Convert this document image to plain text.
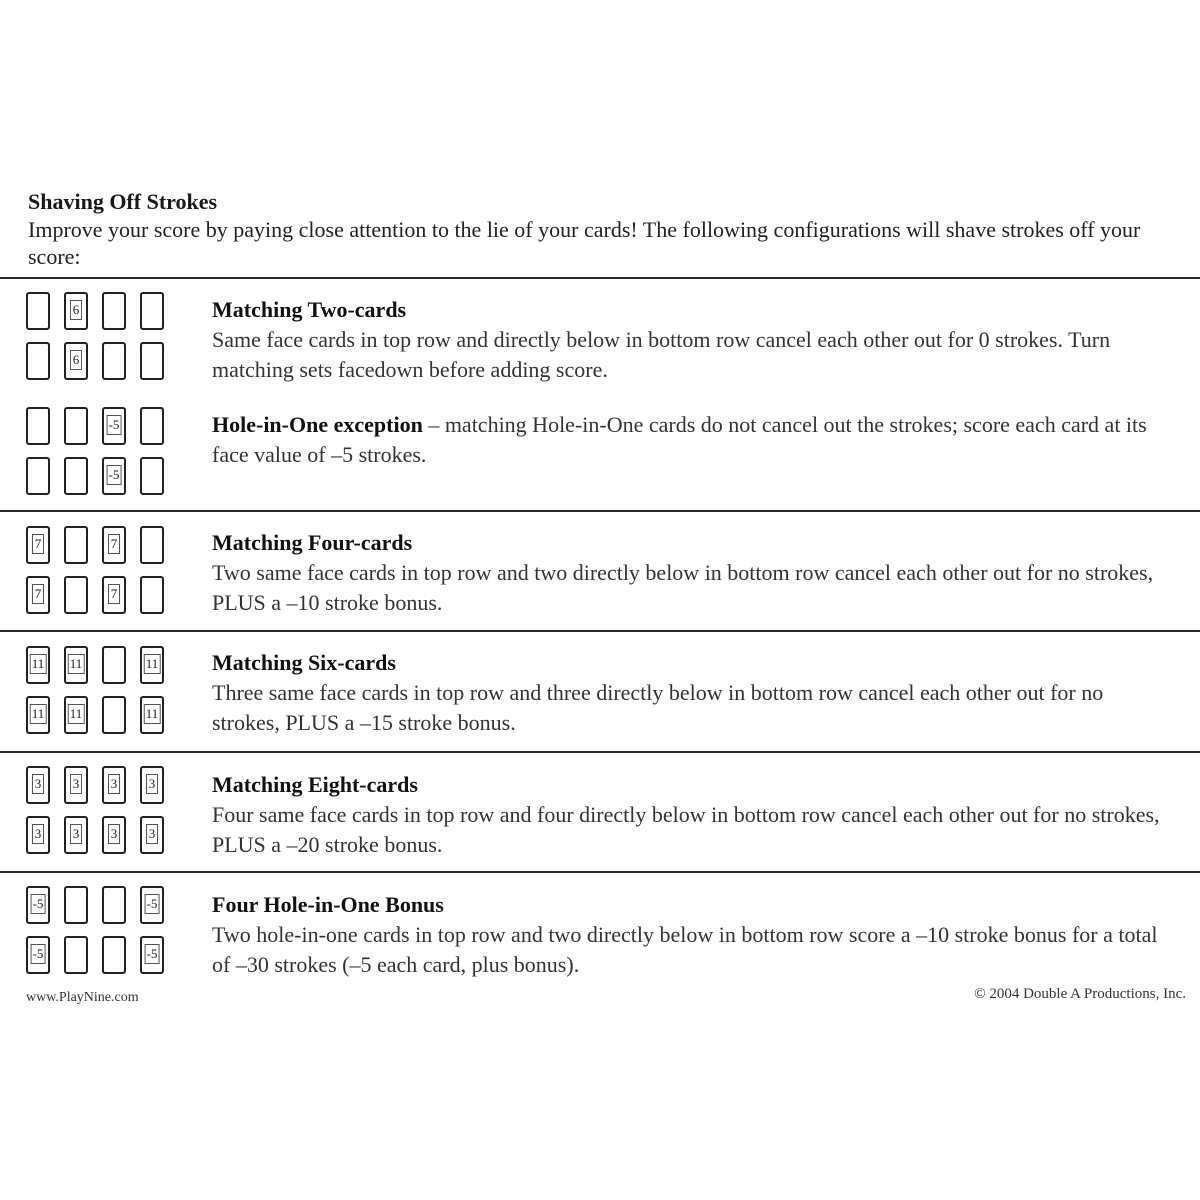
Shaving Off Strokes

Improve your score by paying close attention to the lie of your cards! The following configurations will shave strokes off your score:

6
6
Matching Two-cards
Same face cards in top row and directly below in bottom row cancel each other out for 0 strokes. Turn matching sets facedown before adding score.
-5
-5
Hole-in-One exception – matching Hole-in-One cards do not cancel out the strokes; score each card at its face value of –5 strokes.
7	7
7	7
Matching Four-cards
Two same face cards in top row and two directly below in bottom row cancel each other out for no strokes, PLUS a –10 stroke bonus.
11 11	11
11 11	11
Matching Six-cards
Three same face cards in top row and three directly below in bottom row cancel each other out for no strokes, PLUS a –15 stroke bonus.
3 3 3 3
3 3 3 3
Matching Eight-cards
Four same face cards in top row and four directly below in bottom row cancel each other out for no strokes, PLUS a –20 stroke bonus.
-5	-5
-5	-5
Four Hole-in-One Bonus
Two hole-in-one cards in top row and two directly below in bottom row score a –10 stroke bonus for a total of –30 strokes (–5 each card, plus bonus).
www.PlayNine.com	© 2004 Double A Productions, Inc.
